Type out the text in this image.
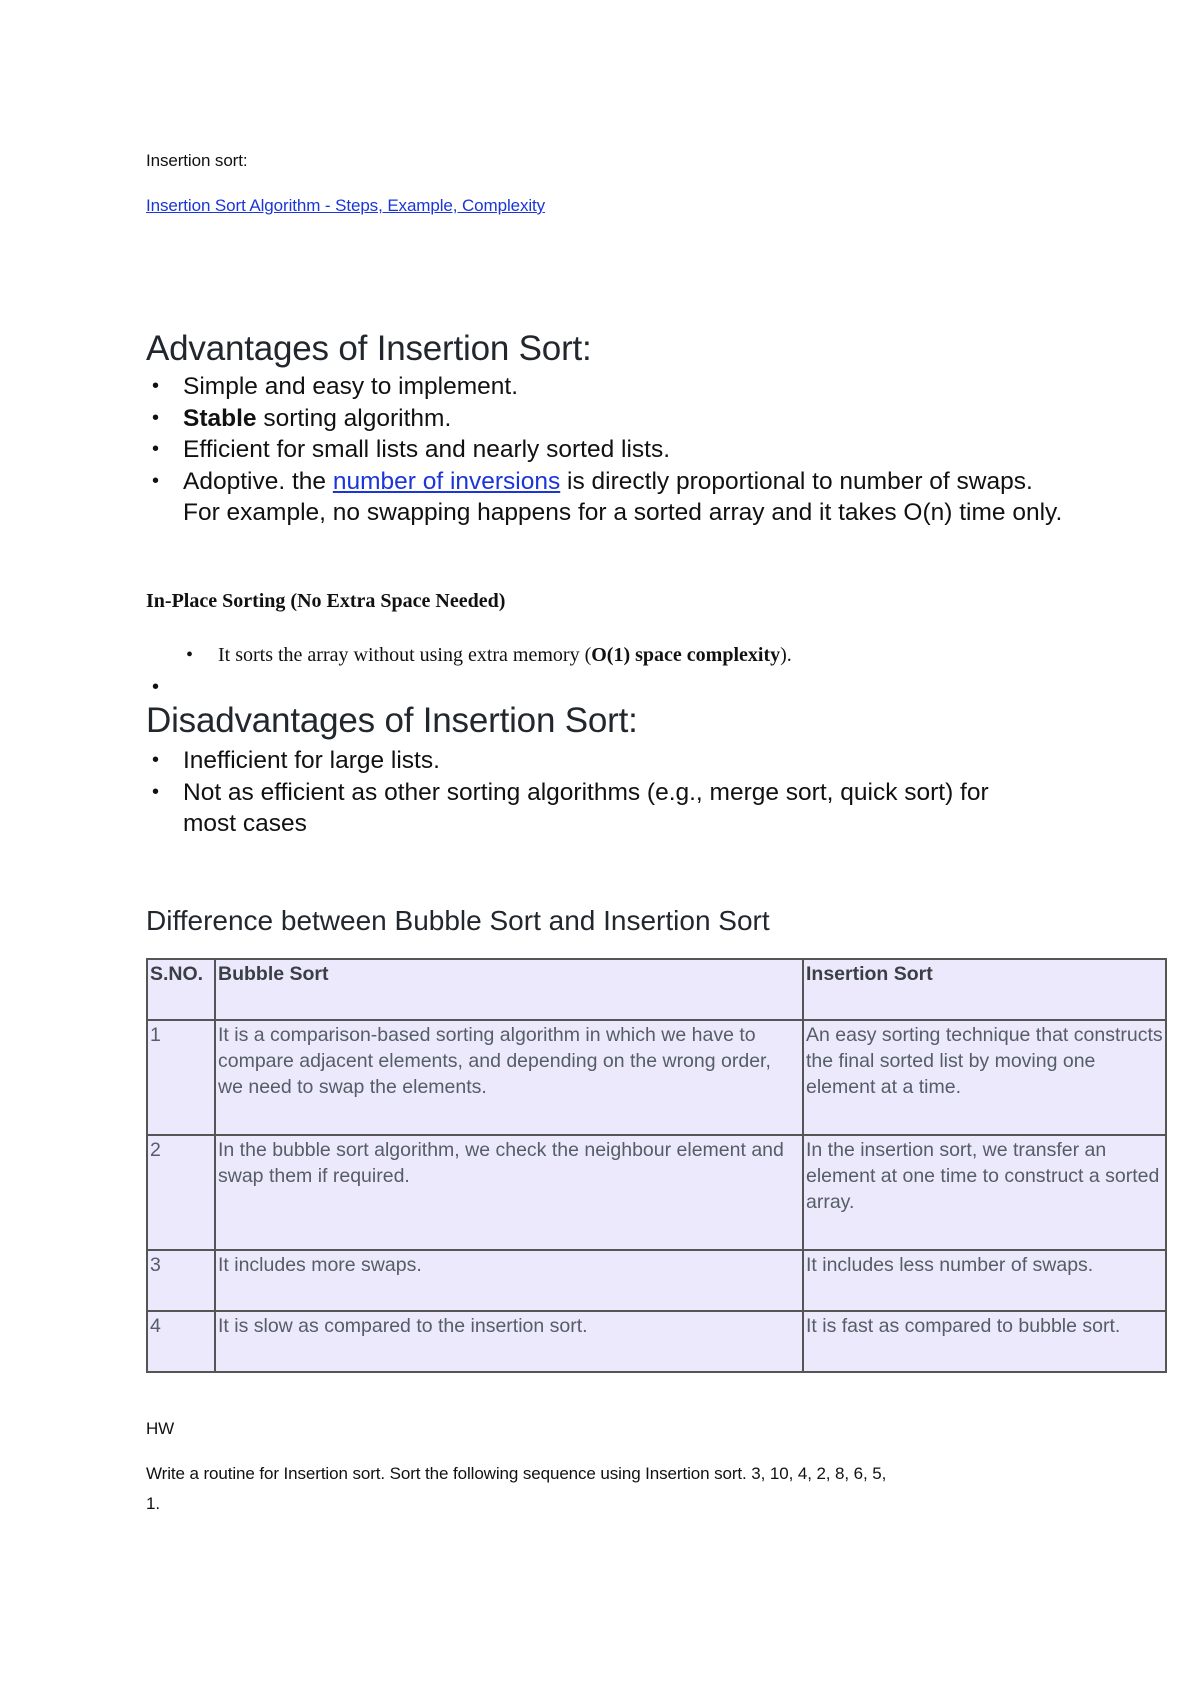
Insertion sort:
Insertion Sort Algorithm - Steps, Example, Complexity
Advantages of Insertion Sort:
• Simple and easy to implement.
• Stable sorting algorithm.
• Efficient for small lists and nearly sorted lists.
• Adoptive. the number of inversions is directly proportional to number of swaps. For example, no swapping happens for a sorted array and it takes O(n) time only.
In-Place Sorting (No Extra Space Needed)
• It sorts the array without using extra memory (O(1) space complexity).
•
Disadvantages of Insertion Sort:
• Inefficient for large lists.
• Not as efficient as other sorting algorithms (e.g., merge sort, quick sort) for most cases
Difference between Bubble Sort and Insertion Sort
S.NO.	Bubble Sort	Insertion Sort
1	It is a comparison-based sorting algorithm in which we have to compare adjacent elements, and depending on the wrong order, we need to swap the elements.	An easy sorting technique that constructs the final sorted list by moving one element at a time.
2	In the bubble sort algorithm, we check the neighbour element and swap them if required.	In the insertion sort, we transfer an element at one time to construct a sorted array.
3	It includes more swaps.	It includes less number of swaps.
4	It is slow as compared to the insertion sort.	It is fast as compared to bubble sort.
HW
Write a routine for Insertion sort. Sort the following sequence using Insertion sort. 3, 10, 4, 2, 8, 6, 5,
1.
